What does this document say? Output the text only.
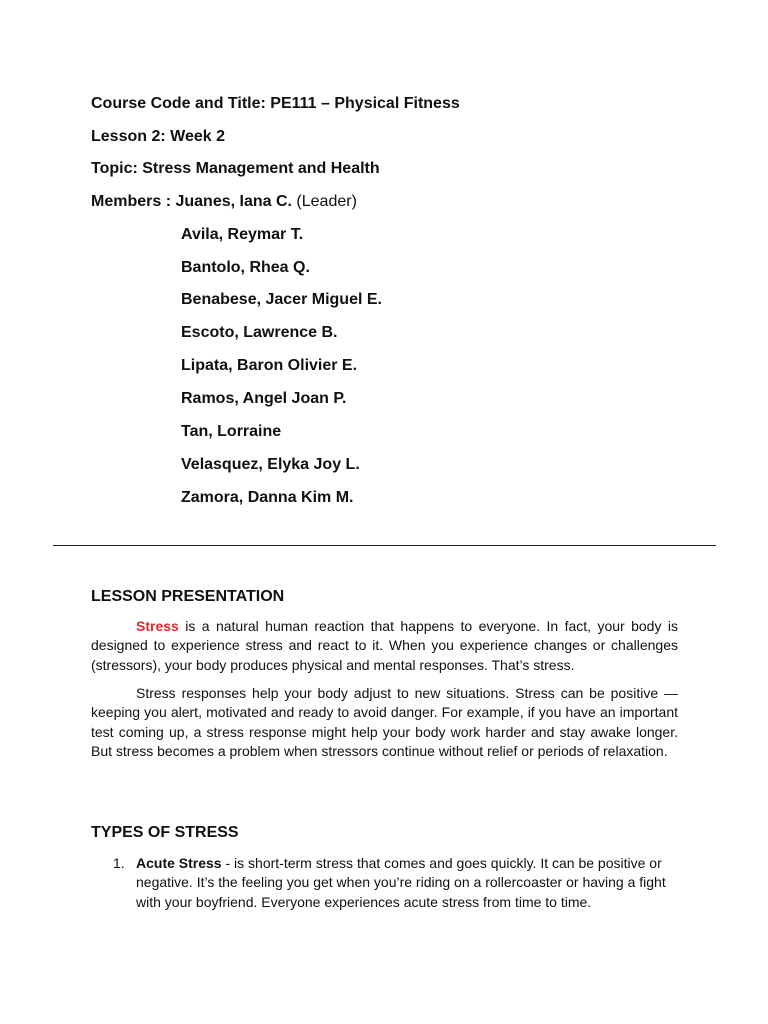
Course Code and Title: PE111 – Physical Fitness
Lesson 2: Week 2
Topic: Stress Management and Health
Members : Juanes, Iana C. (Leader)
Avila, Reymar T.
Bantolo, Rhea Q.
Benabese, Jacer Miguel E.
Escoto, Lawrence B.
Lipata, Baron Olivier E.
Ramos, Angel Joan P.
Tan, Lorraine
Velasquez, Elyka Joy L.
Zamora, Danna Kim M.
LESSON PRESENTATION

Stress is a natural human reaction that happens to everyone. In fact, your body is designed to experience stress and react to it. When you experience changes or challenges (stressors), your body produces physical and mental responses. That’s stress.

Stress responses help your body adjust to new situations. Stress can be positive — keeping you alert, motivated and ready to avoid danger. For example, if you have an important test coming up, a stress response might help your body work harder and stay awake longer. But stress becomes a problem when stressors continue without relief or periods of relaxation.

TYPES OF STRESS
1. Acute Stress - is short-term stress that comes and goes quickly. It can be positive or negative. It’s the feeling you get when you’re riding on a rollercoaster or having a fight with your boyfriend. Everyone experiences acute stress from time to time.
